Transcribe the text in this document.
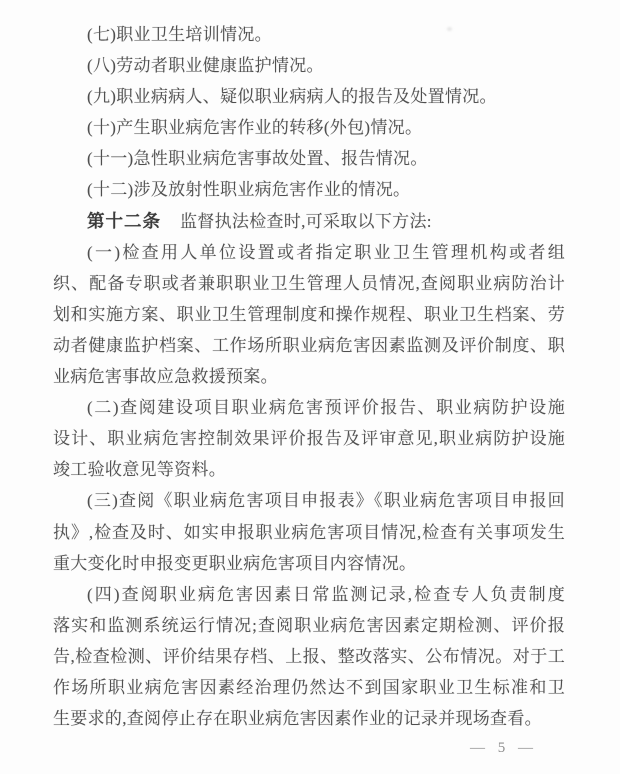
(七)职业卫生培训情况。
(八)劳动者职业健康监护情况。
(九)职业病病人、疑似职业病病人的报告及处置情况。
(十)产生职业病危害作业的转移(外包)情况。
(十一)急性职业病危害事故处置、报告情况。
(十二)涉及放射性职业病危害作业的情况。
第十二条 监督执法检查时,可采取以下方法:
(一)检查用人单位设置或者指定职业卫生管理机构或者组
织、配备专职或者兼职职业卫生管理人员情况,查阅职业病防治计
划和实施方案、职业卫生管理制度和操作规程、职业卫生档案、劳
动者健康监护档案、工作场所职业病危害因素监测及评价制度、职
业病危害事故应急救援预案。
(二)查阅建设项目职业病危害预评价报告、职业病防护设施
设计、职业病危害控制效果评价报告及评审意见,职业病防护设施
竣工验收意见等资料。
(三)查阅《职业病危害项目申报表》《职业病危害项目申报回
执》,检查及时、如实申报职业病危害项目情况,检查有关事项发生
重大变化时申报变更职业病危害项目内容情况。
(四)查阅职业病危害因素日常监测记录,检查专人负责制度
落实和监测系统运行情况;查阅职业病危害因素定期检测、评价报
告,检查检测、评价结果存档、上报、整改落实、公布情况。对于工
作场所职业病危害因素经治理仍然达不到国家职业卫生标准和卫
生要求的,查阅停止存在职业病危害因素作业的记录并现场查看。
— 5 —
